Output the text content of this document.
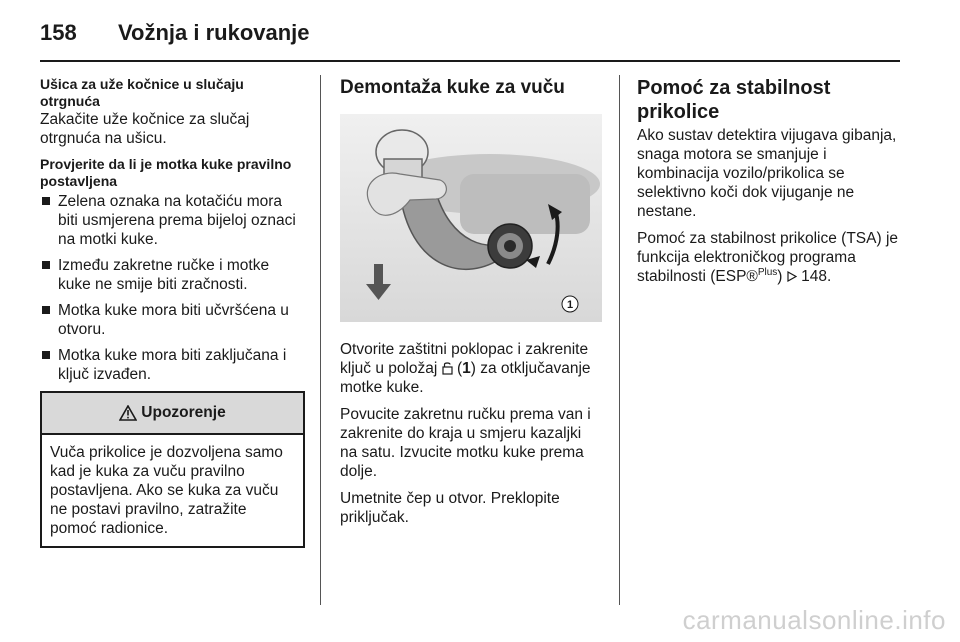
158 Vožnja i rukovanje

Ušica za uže kočnice u slučaju otrgnuća

Zakačite uže kočnice za slučaj otrgnuća na ušicu.

Provjerite da li je motka kuke pravilno postavljena

Zelena oznaka na kotačiću mora biti usmjerena prema bijeloj oznaci na motki kuke.
Između zakretne ručke i motke kuke ne smije biti zračnosti.
Motka kuke mora biti učvršćena u otvoru.
Motka kuke mora biti zaključana i ključ izvađen.
Upozorenje
Vuča prikolice je dozvoljena samo kad je kuka za vuču pravilno postavljena. Ako se kuka za vuču ne postavi pravilno, zatražite pomoć radionice.

Demontaža kuke za vuču

1

Otvorite zaštitni poklopac i zakrenite ključ u položaj  (1) za otključavanje motke kuke.

Povucite zakretnu ručku prema van i zakrenite do kraja u smjeru kazaljki na satu. Izvucite motku kuke prema dolje.

Umetnite čep u otvor. Preklopite priključak.

Pomoć za stabilnost prikolice

Ako sustav detektira vijugava gibanja, snaga motora se smanjuje i kombinacija vozilo/prikolica se selektivno koči dok vijuganje ne nestane.

Pomoć za stabilnost prikolice (TSA) je funkcija elektroničkog programa stabilnosti (ESP®$^{Plus}$) 148.

carmanualsonline.info
